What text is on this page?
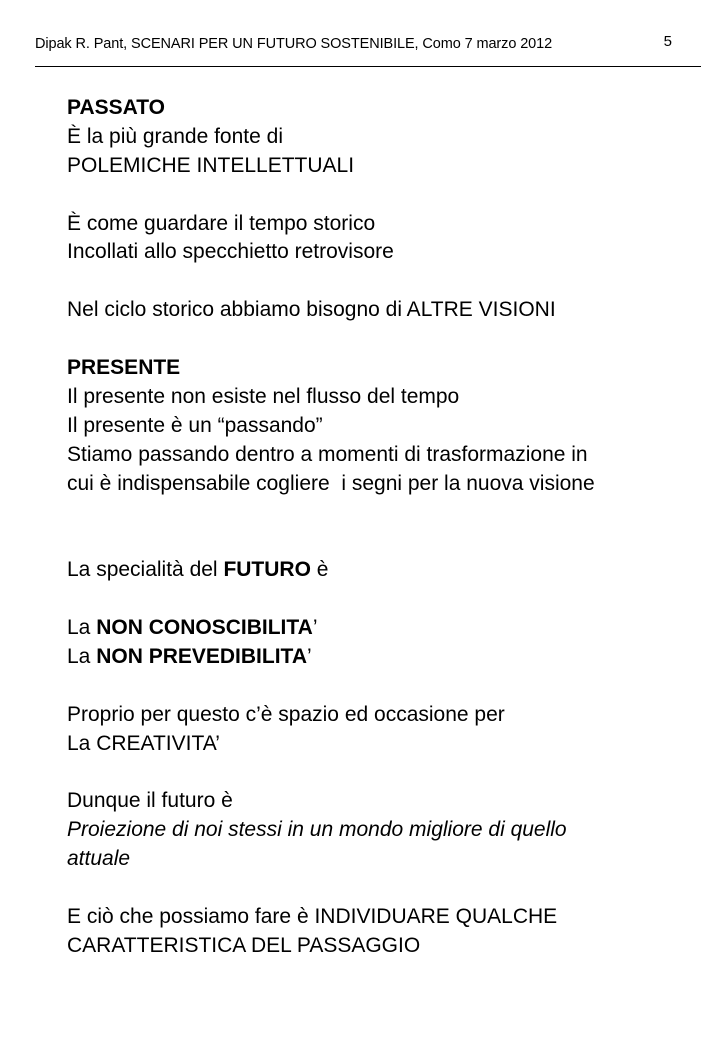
Dipak R. Pant, SCENARI PER UN FUTURO SOSTENIBILE, Como 7 marzo 2012	5
PASSATO
È la più grande fonte di
POLEMICHE INTELLETTUALI
È come guardare il tempo storico
Incollati allo specchietto retrovisore
Nel ciclo storico abbiamo bisogno di ALTRE VISIONI
PRESENTE
Il presente non esiste nel flusso del tempo
Il presente è un “passando”
Stiamo passando dentro a momenti di trasformazione in
cui è indispensabile cogliere  i segni per la nuova visione
La specialità del FUTURO è
La NON CONOSCIBILITA’
La NON PREVEDIBILITA’
Proprio per questo c’è spazio ed occasione per
La CREATIVITA’
Dunque il futuro è
Proiezione di noi stessi in un mondo migliore di quello
attuale
E ciò che possiamo fare è INDIVIDUARE QUALCHE
CARATTERISTICA DEL PASSAGGIO
